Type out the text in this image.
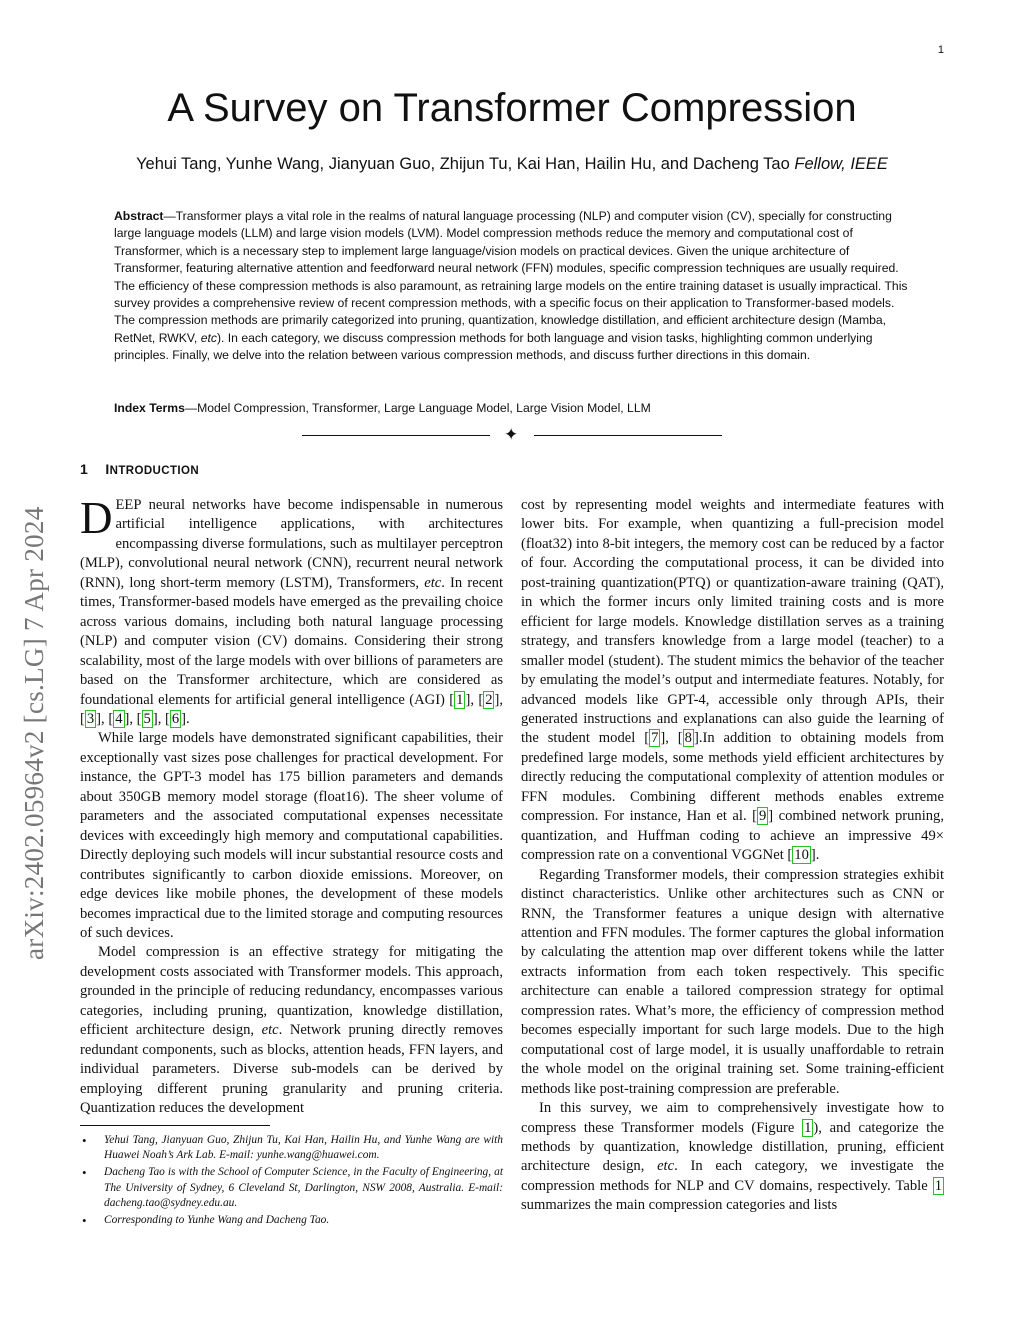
1
arXiv:2402.05964v2 [cs.LG] 7 Apr 2024
A Survey on Transformer Compression
Yehui Tang, Yunhe Wang, Jianyuan Guo, Zhijun Tu, Kai Han, Hailin Hu, and Dacheng Tao Fellow, IEEE
Abstract—Transformer plays a vital role in the realms of natural language processing (NLP) and computer vision (CV), specially for constructing large language models (LLM) and large vision models (LVM). Model compression methods reduce the memory and computational cost of Transformer, which is a necessary step to implement large language/vision models on practical devices. Given the unique architecture of Transformer, featuring alternative attention and feedforward neural network (FFN) modules, specific compression techniques are usually required. The efficiency of these compression methods is also paramount, as retraining large models on the entire training dataset is usually impractical. This survey provides a comprehensive review of recent compression methods, with a specific focus on their application to Transformer-based models. The compression methods are primarily categorized into pruning, quantization, knowledge distillation, and efficient architecture design (Mamba, RetNet, RWKV, etc). In each category, we discuss compression methods for both language and vision tasks, highlighting common underlying principles. Finally, we delve into the relation between various compression methods, and discuss further directions in this domain.
Index Terms—Model Compression, Transformer, Large Language Model, Large Vision Model, LLM
✦
1 INTRODUCTION

DEEP neural networks have become indispensable in numerous artificial intelligence applications, with architectures encompassing diverse formulations, such as multilayer perceptron (MLP), convolutional neural network (CNN), recurrent neural network (RNN), long short-term memory (LSTM), Transformers, etc. In recent times, Transformer-based models have emerged as the prevailing choice across various domains, including both natural language processing (NLP) and computer vision (CV) domains. Considering their strong scalability, most of the large models with over billions of parameters are based on the Transformer architecture, which are considered as foundational elements for artificial general intelligence (AGI) [ 1 ], [ 2 ], [ 3 ], [ 4 ], [ 5 ], [ 6 ].

While large models have demonstrated significant capabilities, their exceptionally vast sizes pose challenges for practical development. For instance, the GPT-3 model has 175 billion parameters and demands about 350GB memory model storage (float16). The sheer volume of parameters and the associated computational expenses necessitate devices with exceedingly high memory and computational capabilities. Directly deploying such models will incur substantial resource costs and contributes significantly to carbon dioxide emissions. Moreover, on edge devices like mobile phones, the development of these models becomes impractical due to the limited storage and computing resources of such devices.

Model compression is an effective strategy for mitigating the development costs associated with Transformer models. This approach, grounded in the principle of reducing redundancy, encompasses various categories, including pruning, quantization, knowledge distillation, efficient architecture design, etc. Network pruning directly removes redundant components, such as blocks, attention heads, FFN layers, and individual parameters. Diverse sub-models can be derived by employing different pruning granularity and pruning criteria. Quantization reduces the development

cost by representing model weights and intermediate features with lower bits. For example, when quantizing a full-precision model (float32) into 8-bit integers, the memory cost can be reduced by a factor of four. According the computational process, it can be divided into post-training quantization(PTQ) or quantization-aware training (QAT), in which the former incurs only limited training costs and is more efficient for large models. Knowledge distillation serves as a training strategy, and transfers knowledge from a large model (teacher) to a smaller model (student). The student mimics the behavior of the teacher by emulating the model’s output and intermediate features. Notably, for advanced models like GPT-4, accessible only through APIs, their generated instructions and explanations can also guide the learning of the student model [ 7 ], [ 8 ].In addition to obtaining models from predefined large models, some methods yield efficient architectures by directly reducing the computational complexity of attention modules or FFN modules. Combining different methods enables extreme compression. For instance, Han et al. [ 9 ] combined network pruning, quantization, and Huffman coding to achieve an impressive 49× compression rate on a conventional VGGNet [ 10 ].

Regarding Transformer models, their compression strategies exhibit distinct characteristics. Unlike other architectures such as CNN or RNN, the Transformer features a unique design with alternative attention and FFN modules. The former captures the global information by calculating the attention map over different tokens while the latter extracts information from each token respectively. This specific architecture can enable a tailored compression strategy for optimal compression rates. What’s more, the efficiency of compression method becomes especially important for such large models. Due to the high computational cost of large model, it is usually unaffordable to retrain the whole model on the original training set. Some training-efficient methods like post-training compression are preferable.

In this survey, we aim to comprehensively investigate how to compress these Transformer models (Figure 1 ), and categorize the methods by quantization, knowledge distillation, pruning, efficient architecture design, etc. In each category, we investigate the compression methods for NLP and CV domains, respectively. Table 1 summarizes the main compression categories and lists

• Yehui Tang, Jianyuan Guo, Zhijun Tu, Kai Han, Hailin Hu, and Yunhe Wang are with Huawei Noah’s Ark Lab. E-mail: yunhe.wang@huawei.com.
• Dacheng Tao is with the School of Computer Science, in the Faculty of Engineering, at The University of Sydney, 6 Cleveland St, Darlington, NSW 2008, Australia. E-mail: dacheng.tao@sydney.edu.au.
• Corresponding to Yunhe Wang and Dacheng Tao.
